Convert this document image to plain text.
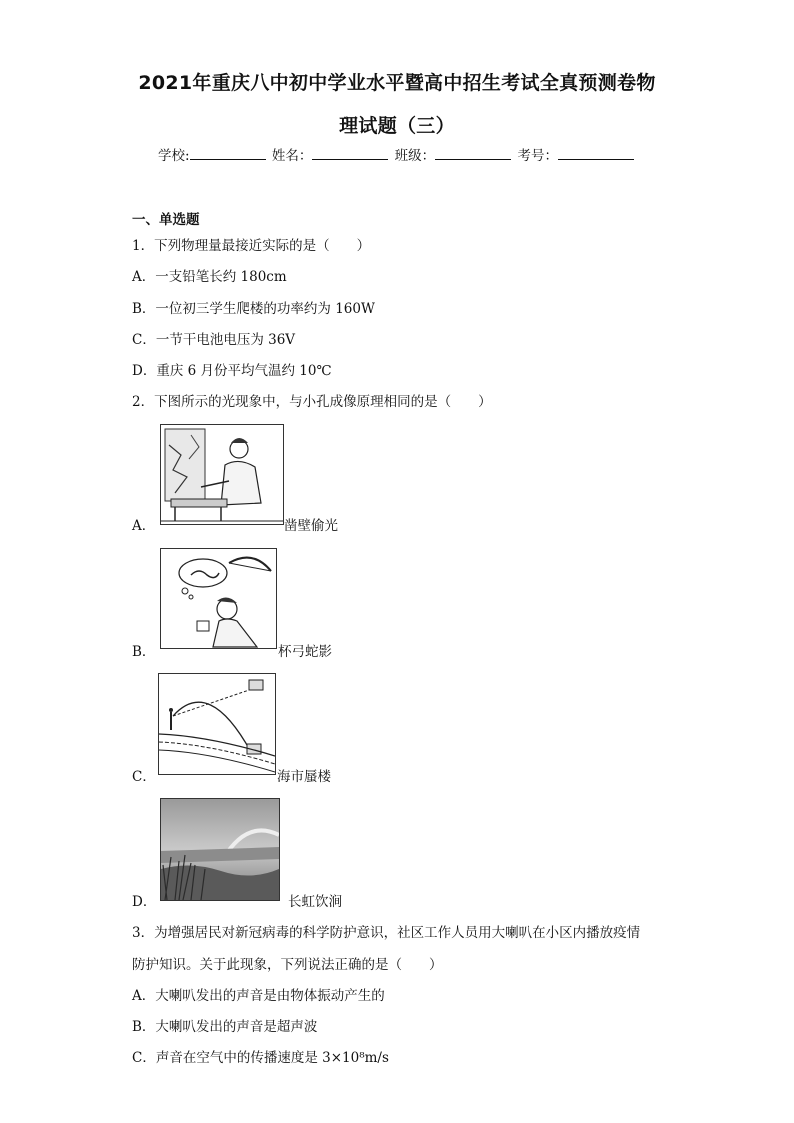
2021年重庆八中初中学业水平暨高中招生考试全真预测卷物
理试题（三）
学校:	姓名：	班级：	考号：
一、单选题
1．下列物理量最接近实际的是（　　）
A．一支铅笔长约 180cm
B．一位初三学生爬楼的功率约为 160W
C．一节干电池电压为 36V
D．重庆 6 月份平均气温约 10℃
2．下图所示的光现象中，与小孔成像原理相同的是（　　）
A．	凿壁偷光
B．	杯弓蛇影
C．	海市蜃楼
D．	长虹饮涧
3．为增强居民对新冠病毒的科学防护意识，社区工作人员用大喇叭在小区内播放疫情
防护知识。关于此现象，下列说法正确的是（　　）
A．大喇叭发出的声音是由物体振动产生的
B．大喇叭发出的声音是超声波
C．声音在空气中的传播速度是 3×10⁸m/s
